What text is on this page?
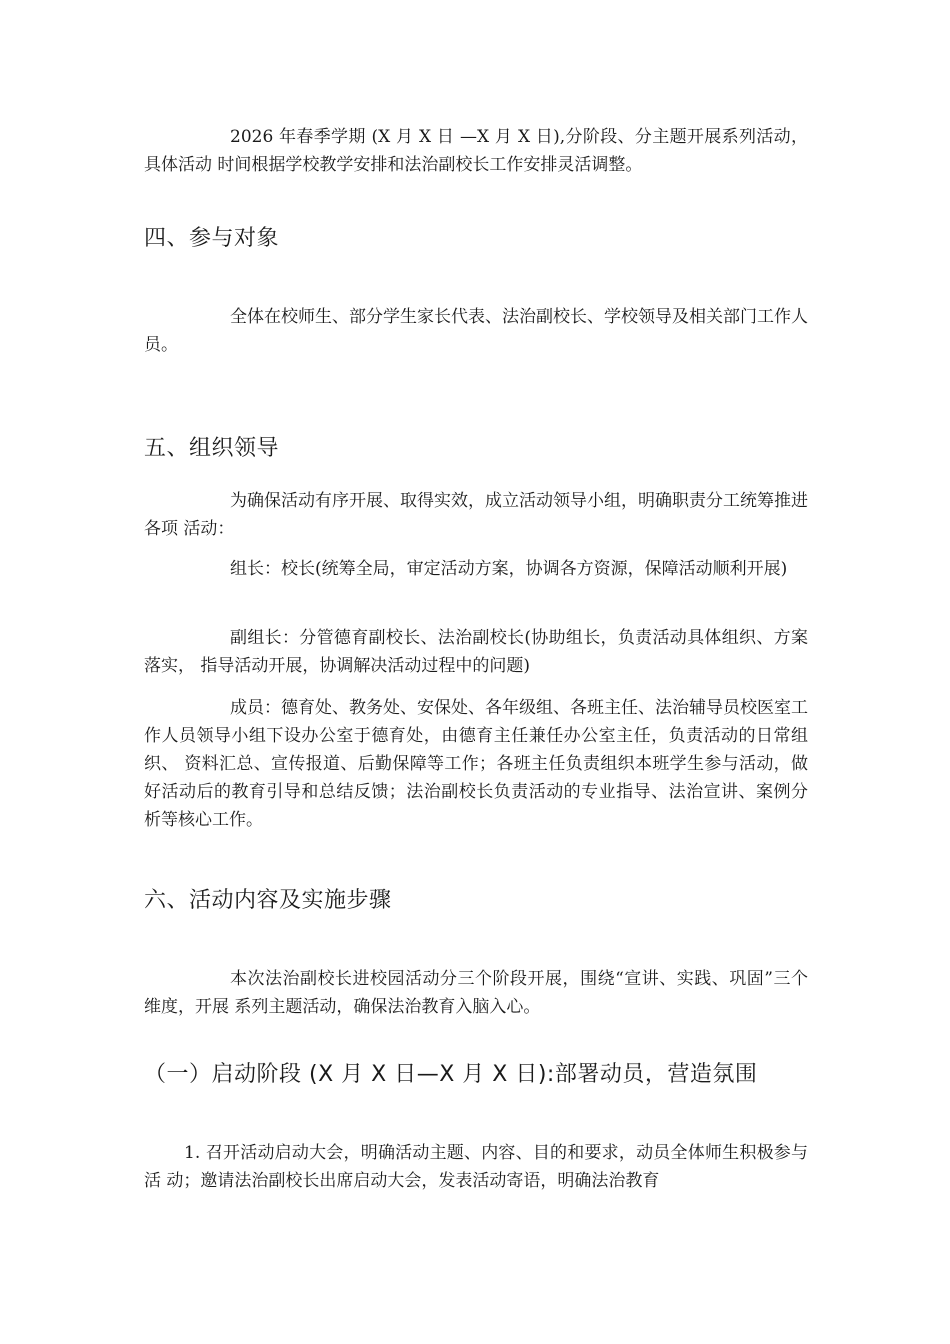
2026 年春季学期 (X 月 X 日 —X 月 X 日),分阶段、分主题开展系列活动，具体活动 时间根据学校教学安排和法治副校长工作安排灵活调整。

四、参与对象

全体在校师生、部分学生家长代表、法治副校长、学校领导及相关部门工作人员。

五、组织领导

为确保活动有序开展、取得实效，成立活动领导小组，明确职责分工统筹推进各项 活动：

组长：校长(统筹全局，审定活动方案，协调各方资源，保障活动顺利开展)

副组长：分管德育副校长、法治副校长(协助组长，负责活动具体组织、方案落实， 指导活动开展，协调解决活动过程中的问题)

成员：德育处、教务处、安保处、各年级组、各班主任、法治辅导员校医室工作人员领导小组下设办公室于德育处，由德育主任兼任办公室主任，负责活动的日常组织、 资料汇总、宣传报道、后勤保障等工作；各班主任负责组织本班学生参与活动，做好活动后的教育引导和总结反馈；法治副校长负责活动的专业指导、法治宣讲、案例分 析等核心工作。

六、活动内容及实施步骤

本次法治副校长进校园活动分三个阶段开展，围绕“宣讲、实践、巩固”三个维度，开展 系列主题活动，确保法治教育入脑入心。

（一）启动阶段 (X 月 X 日—X 月 X 日):部署动员，营造氛围

1. 召开活动启动大会，明确活动主题、内容、目的和要求，动员全体师生积极参与活 动；邀请法治副校长出席启动大会，发表活动寄语，明确法治教育
